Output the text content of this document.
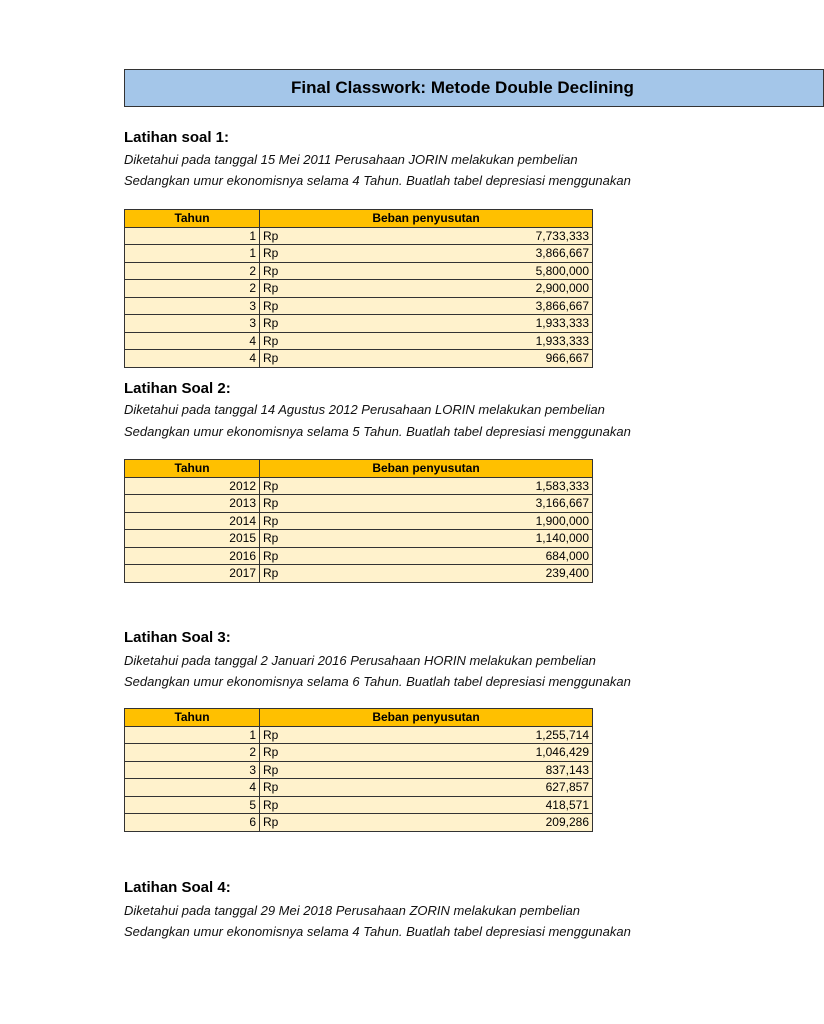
Final Classwork: Metode Double Declining
Latihan soal 1:
Diketahui pada tanggal 15 Mei 2011 Perusahaan JORIN melakukan pembelian
Sedangkan umur ekonomisnya selama 4 Tahun. Buatlah tabel depresiasi menggunakan
Tahun	Beban penyusutan	
1	Rp	7,733,333
1	Rp	3,866,667
2	Rp	5,800,000
2	Rp	2,900,000
3	Rp	3,866,667
3	Rp	1,933,333
4	Rp	1,933,333
4	Rp	966,667
Latihan Soal 2:
Diketahui pada tanggal 14 Agustus 2012 Perusahaan LORIN melakukan pembelian
Sedangkan umur ekonomisnya selama 5 Tahun. Buatlah tabel depresiasi menggunakan
Tahun	Beban penyusutan	
2012	Rp	1,583,333
2013	Rp	3,166,667
2014	Rp	1,900,000
2015	Rp	1,140,000
2016	Rp	684,000
2017	Rp	239,400
Latihan Soal 3:
Diketahui pada tanggal 2 Januari 2016 Perusahaan HORIN melakukan pembelian
Sedangkan umur ekonomisnya selama 6 Tahun. Buatlah tabel depresiasi menggunakan
Tahun	Beban penyusutan	
1	Rp	1,255,714
2	Rp	1,046,429
3	Rp	837,143
4	Rp	627,857
5	Rp	418,571
6	Rp	209,286
Latihan Soal 4:
Diketahui pada tanggal 29 Mei 2018 Perusahaan ZORIN melakukan pembelian
Sedangkan umur ekonomisnya selama 4 Tahun. Buatlah tabel depresiasi menggunakan
